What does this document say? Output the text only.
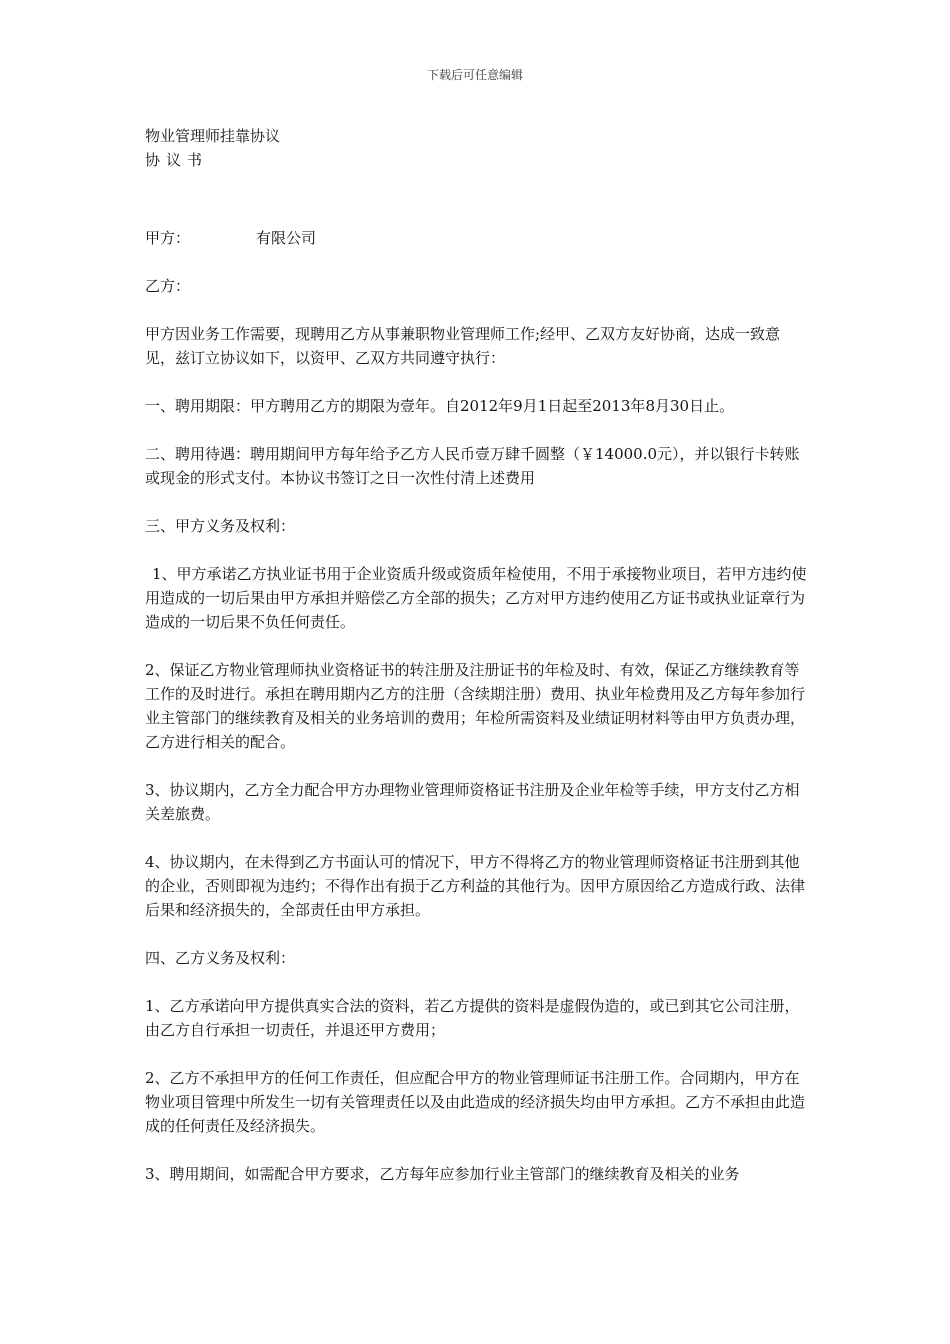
下载后可任意编辑

物业管理师挂靠协议

协议书

甲方：	有限公司

乙方：

甲方因业务工作需要，现聘用乙方从事兼职物业管理师工作;经甲、乙双方友好协商，达成一致意见，兹订立协议如下，以资甲、乙双方共同遵守执行：

一、聘用期限：甲方聘用乙方的期限为壹年。自2012年9月1日起至2013年8月30日止。

二、聘用待遇：聘用期间甲方每年给予乙方人民币壹万肆千圆整（￥14000.0元），并以银行卡转账或现金的形式支付。本协议书签订之日一次性付清上述费用

三、甲方义务及权利：

1、甲方承诺乙方执业证书用于企业资质升级或资质年检使用，不用于承接物业项目，若甲方违约使用造成的一切后果由甲方承担并赔偿乙方全部的损失；乙方对甲方违约使用乙方证书或执业证章行为造成的一切后果不负任何责任。

2、保证乙方物业管理师执业资格证书的转注册及注册证书的年检及时、有效，保证乙方继续教育等工作的及时进行。承担在聘用期内乙方的注册（含续期注册）费用、执业年检费用及乙方每年参加行业主管部门的继续教育及相关的业务培训的费用；年检所需资料及业绩证明材料等由甲方负责办理，乙方进行相关的配合。

3、协议期内，乙方全力配合甲方办理物业管理师资格证书注册及企业年检等手续，甲方支付乙方相关差旅费。

4、协议期内，在未得到乙方书面认可的情况下，甲方不得将乙方的物业管理师资格证书注册到其他的企业，否则即视为违约；不得作出有损于乙方利益的其他行为。因甲方原因给乙方造成行政、法律后果和经济损失的，全部责任由甲方承担。

四、乙方义务及权利：

1、乙方承诺向甲方提供真实合法的资料，若乙方提供的资料是虚假伪造的，或已到其它公司注册，由乙方自行承担一切责任，并退还甲方费用；

2、乙方不承担甲方的任何工作责任，但应配合甲方的物业管理师证书注册工作。合同期内，甲方在物业项目管理中所发生一切有关管理责任以及由此造成的经济损失均由甲方承担。乙方不承担由此造成的任何责任及经济损失。

3、聘用期间，如需配合甲方要求，乙方每年应参加行业主管部门的继续教育及相关的业务
